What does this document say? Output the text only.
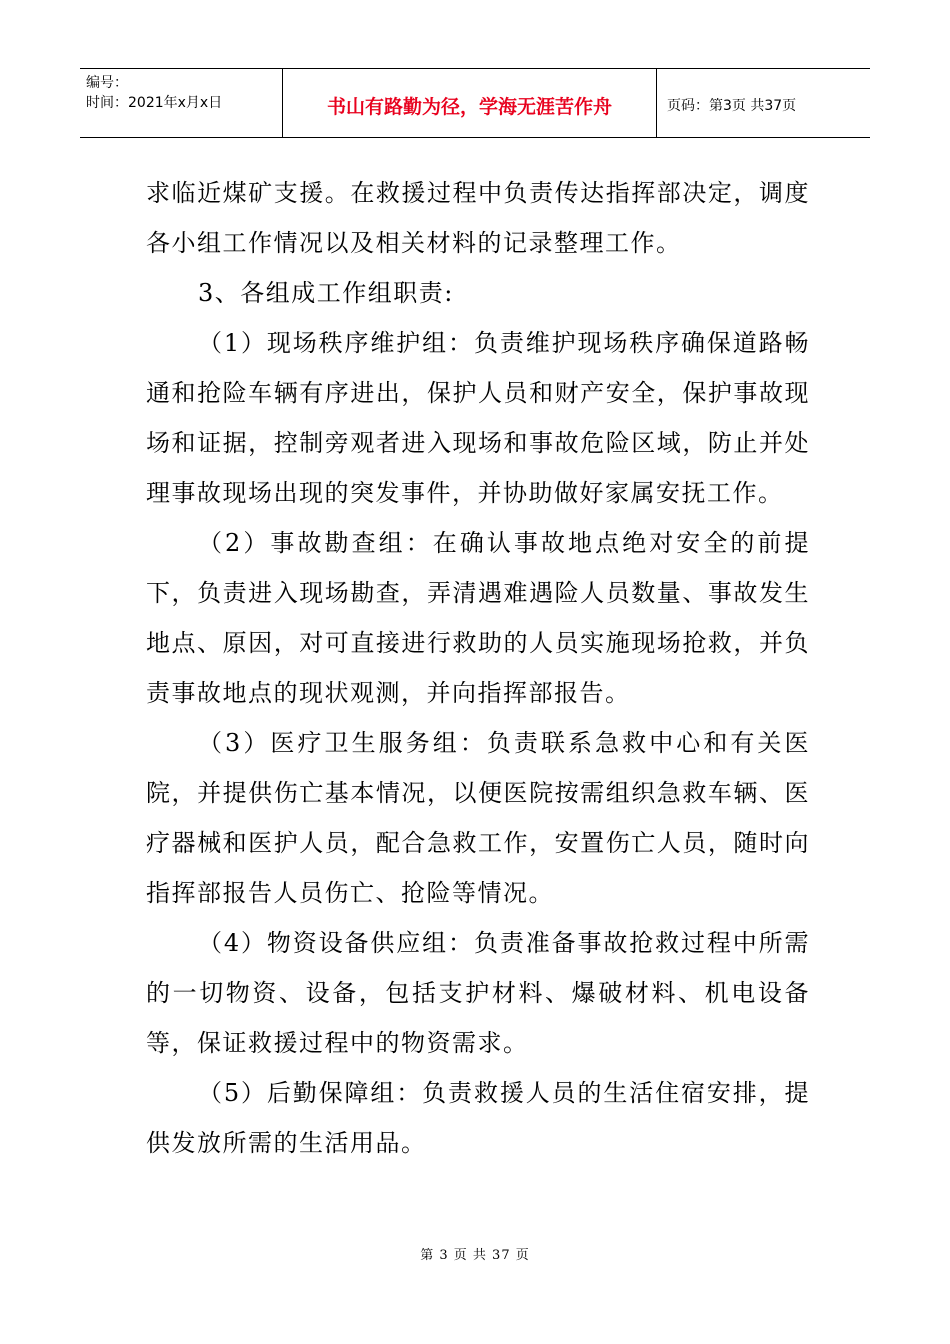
编号：
时间：2021年x月x日	书山有路勤为径，学海无涯苦作舟	页码：第3页 共37页

求临近煤矿支援。在救援过程中负责传达指挥部决定，调度各小组工作情况以及相关材料的记录整理工作。

3、各组成工作组职责:

（1）现场秩序维护组：负责维护现场秩序确保道路畅通和抢险车辆有序进出，保护人员和财产安全，保护事故现场和证据，控制旁观者进入现场和事故危险区域，防止并处理事故现场出现的突发事件，并协助做好家属安抚工作。

（2）事故勘查组：在确认事故地点绝对安全的前提下，负责进入现场勘查，弄清遇难遇险人员数量、事故发生地点、原因，对可直接进行救助的人员实施现场抢救，并负责事故地点的现状观测，并向指挥部报告。

（3）医疗卫生服务组：负责联系急救中心和有关医院，并提供伤亡基本情况，以便医院按需组织急救车辆、医疗器械和医护人员，配合急救工作，安置伤亡人员，随时向指挥部报告人员伤亡、抢险等情况。

（4）物资设备供应组：负责准备事故抢救过程中所需的一切物资、设备，包括支护材料、爆破材料、机电设备等，保证救援过程中的物资需求。

（5）后勤保障组：负责救援人员的生活住宿安排，提供发放所需的生活用品。

第 3 页 共 37 页
